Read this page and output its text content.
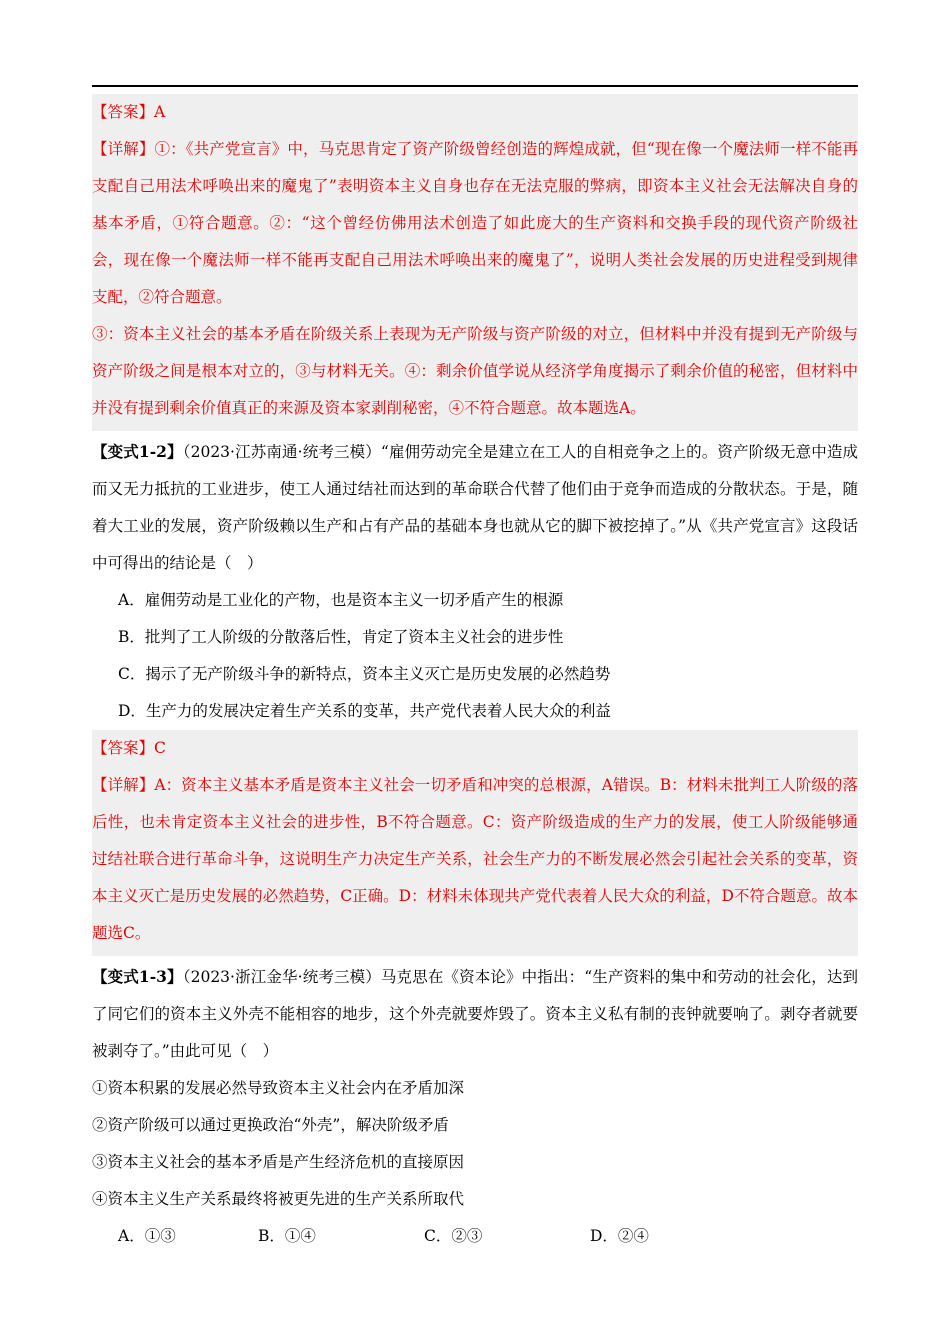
【答案】A

【详解】①：《共产党宣言》中，马克思肯定了资产阶级曾经创造的辉煌成就，但“现在像一个魔法师一样不能再支配自己用法术呼唤出来的魔鬼了”表明资本主义自身也存在无法克服的弊病，即资本主义社会无法解决自身的基本矛盾，①符合题意。②：“这个曾经仿佛用法术创造了如此庞大的生产资料和交换手段的现代资产阶级社会，现在像一个魔法师一样不能再支配自己用法术呼唤出来的魔鬼了”，说明人类社会发展的历史进程受到规律支配，②符合题意。

③：资本主义社会的基本矛盾在阶级关系上表现为无产阶级与资产阶级的对立，但材料中并没有提到无产阶级与资产阶级之间是根本对立的，③与材料无关。④：剩余价值学说从经济学角度揭示了剩余价值的秘密，但材料中并没有提到剩余价值真正的来源及资本家剥削秘密，④不符合题意。故本题选A。

【变式1-2】（2023·江苏南通·统考三模）“雇佣劳动完全是建立在工人的自相竞争之上的。资产阶级无意中造成而又无力抵抗的工业进步，使工人通过结社而达到的革命联合代替了他们由于竞争而造成的分散状态。于是，随着大工业的发展，资产阶级赖以生产和占有产品的基础本身也就从它的脚下被挖掉了。”从《共产党宣言》这段话中可得出的结论是（　）

A．雇佣劳动是工业化的产物，也是资本主义一切矛盾产生的根源

B．批判了工人阶级的分散落后性，肯定了资本主义社会的进步性

C．揭示了无产阶级斗争的新特点，资本主义灭亡是历史发展的必然趋势

D．生产力的发展决定着生产关系的变革，共产党代表着人民大众的利益

【答案】C

【详解】A：资本主义基本矛盾是资本主义社会一切矛盾和冲突的总根源，A错误。B：材料未批判工人阶级的落后性，也未肯定资本主义社会的进步性，B不符合题意。C：资产阶级造成的生产力的发展，使工人阶级能够通过结社联合进行革命斗争，这说明生产力决定生产关系，社会生产力的不断发展必然会引起社会关系的变革，资本主义灭亡是历史发展的必然趋势，C正确。D：材料未体现共产党代表着人民大众的利益，D不符合题意。故本题选C。

【变式1-3】（2023·浙江金华·统考三模）马克思在《资本论》中指出：“生产资料的集中和劳动的社会化，达到了同它们的资本主义外壳不能相容的地步，这个外壳就要炸毁了。资本主义私有制的丧钟就要响了。剥夺者就要被剥夺了。”由此可见（　）

①资本积累的发展必然导致资本主义社会内在矛盾加深

②资产阶级可以通过更换政治“外壳”，解决阶级矛盾

③资本主义社会的基本矛盾是产生经济危机的直接原因

④资本主义生产关系最终将被更先进的生产关系所取代

A．①③	B．①④	C．②③	D．②④
